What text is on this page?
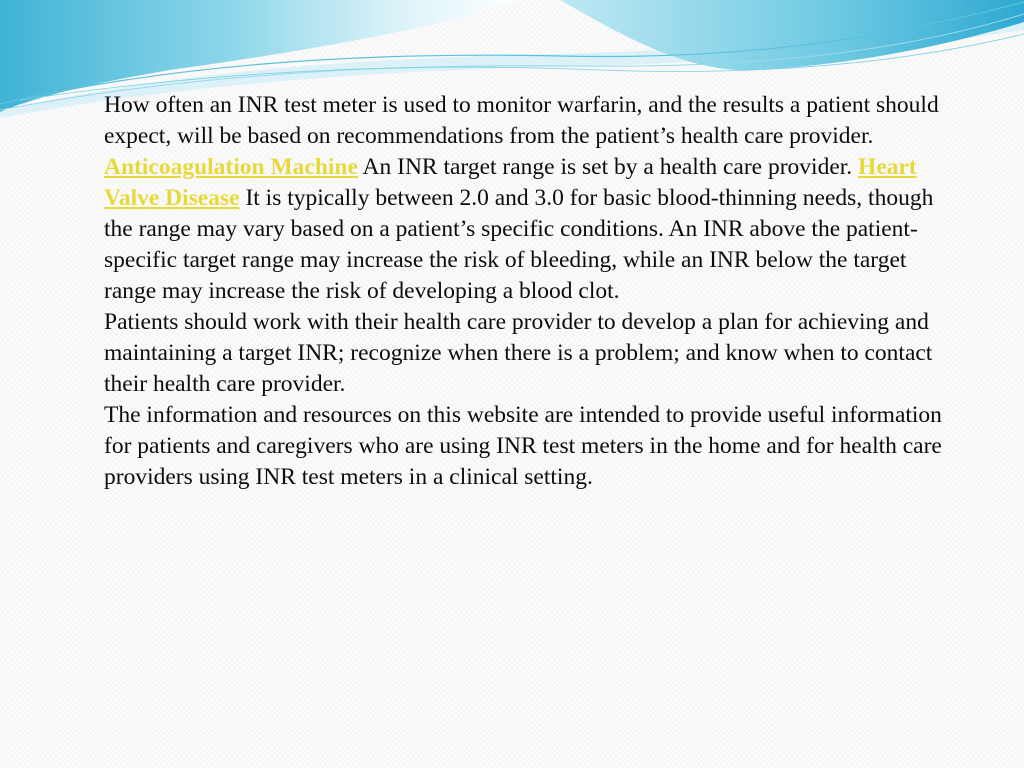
How often an INR test meter is used to monitor warfarin, and the results a patient should expect, will be based on recommendations from the patient’s health care provider. Anticoagulation Machine An INR target range is set by a health care provider. Heart Valve Disease It is typically between 2.0 and 3.0 for basic blood-thinning needs, though the range may vary based on a patient’s specific conditions. An INR above the patient-specific target range may increase the risk of bleeding, while an INR below the target range may increase the risk of developing a blood clot.

Patients should work with their health care provider to develop a plan for achieving and maintaining a target INR; recognize when there is a problem; and know when to contact their health care provider.

The information and resources on this website are intended to provide useful information for patients and caregivers who are using INR test meters in the home and for health care providers using INR test meters in a clinical setting.
